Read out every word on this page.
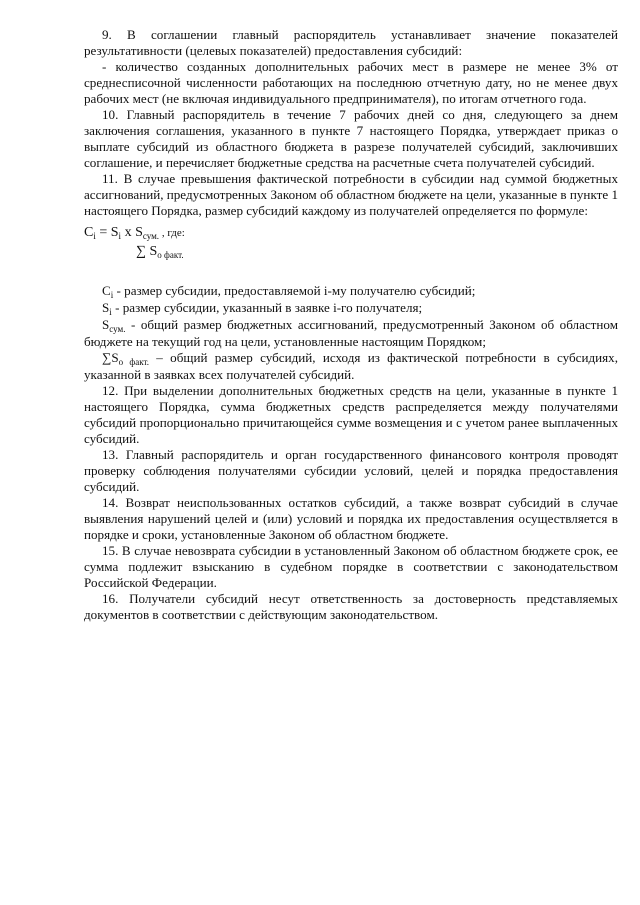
9. В соглашении главный распорядитель устанавливает значение показателей результативности (целевых показателей) предоставления субсидий:

- количество созданных дополнительных рабочих мест в размере не менее 3% от среднесписочной численности работающих на последнюю отчетную дату, но не менее двух рабочих мест (не включая индивидуального предпринимателя), по итогам отчетного года.

10. Главный распорядитель в течение 7 рабочих дней со дня, следующего за днем заключения соглашения, указанного в пункте 7 настоящего Порядка, утверждает приказ о выплате субсидий из областного бюджета в разрезе получателей субсидий, заключивших соглашение, и перечисляет бюджетные средства на расчетные счета получателей субсидий.

11. В случае превышения фактической потребности в субсидии над суммой бюджетных ассигнований, предусмотренных Законом об областном бюджете на цели, указанные в пункте 1 настоящего Порядка, размер субсидий каждому из получателей определяется по формуле:

$C_i = S_i$ x $S_{сум.}$ , где:
∑ $S_{о факт.}$

$C_i$ - размер субсидии, предоставляемой i-му получателю субсидий;

$S_i$ - размер субсидии, указанный в заявке i-го получателя;

$S_{сум.}$ - общий размер бюджетных ассигнований, предусмотренный Законом об областном бюджете на текущий год на цели, установленные настоящим Порядком;

$\sum S_{о факт.}$ – общий размер субсидий, исходя из фактической потребности в субсидиях, указанной в заявках всех получателей субсидий.

12. При выделении дополнительных бюджетных средств на цели, указанные в пункте 1 настоящего Порядка, сумма бюджетных средств распределяется между получателями субсидий пропорционально причитающейся сумме возмещения и с учетом ранее выплаченных субсидий.

13. Главный распорядитель и орган государственного финансового контроля проводят проверку соблюдения получателями субсидии условий, целей и порядка предоставления субсидий.

14. Возврат неиспользованных остатков субсидий, а также возврат субсидий в случае выявления нарушений целей и (или) условий и порядка их предоставления осуществляется в порядке и сроки, установленные Законом об областном бюджете.

15. В случае невозврата субсидии в установленный Законом об областном бюджете срок, ее сумма подлежит взысканию в судебном порядке в соответствии с законодательством Российской Федерации.

16. Получатели субсидий несут ответственность за достоверность представляемых документов в соответствии с действующим законодательством.
